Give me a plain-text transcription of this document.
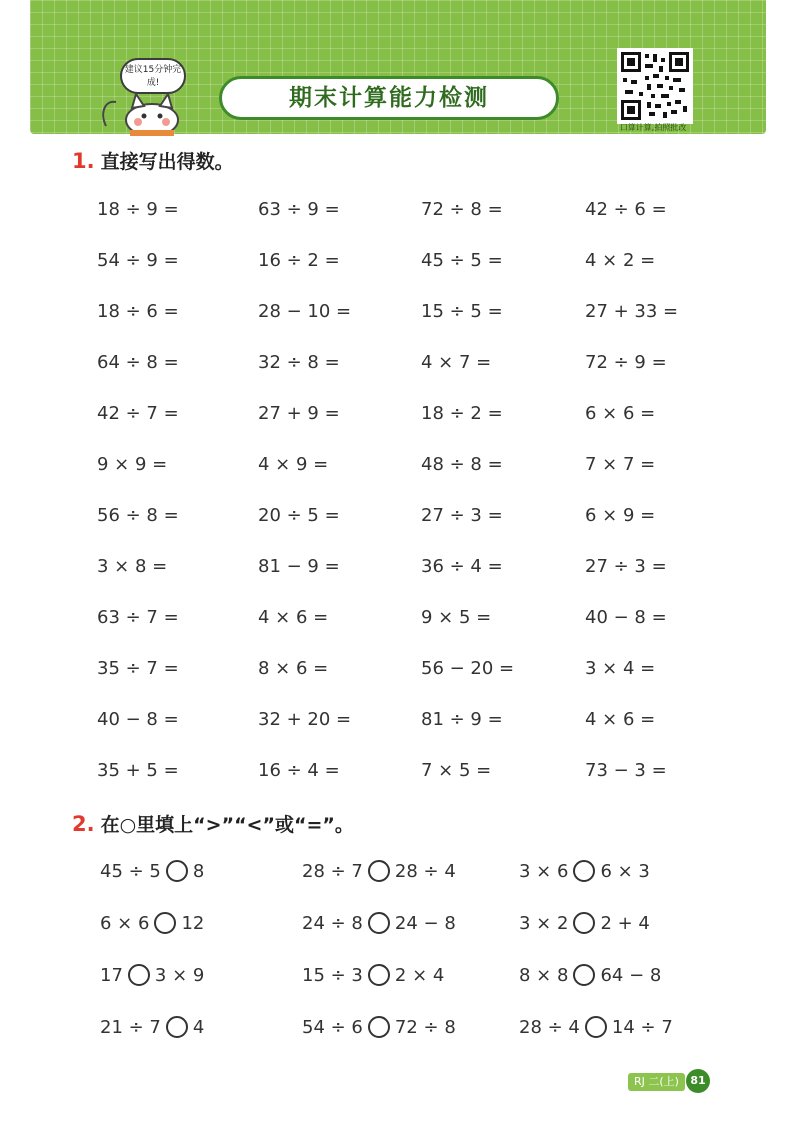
建议15分钟完成!
期末计算能力检测
口算计算,拍照批改
1. 直接写出得数。
18 ÷ 9 =	63 ÷ 9 =	72 ÷ 8 =	42 ÷ 6 =
54 ÷ 9 =	16 ÷ 2 =	45 ÷ 5 =	4 × 2 =
18 ÷ 6 =	28 − 10 =	15 ÷ 5 =	27 + 33 =
64 ÷ 8 =	32 ÷ 8 =	4 × 7 =	72 ÷ 9 =
42 ÷ 7 =	27 + 9 =	18 ÷ 2 =	6 × 6 =
9 × 9 =	4 × 9 =	48 ÷ 8 =	7 × 7 =
56 ÷ 8 =	20 ÷ 5 =	27 ÷ 3 =	6 × 9 =
3 × 8 =	81 − 9 =	36 ÷ 4 =	27 ÷ 3 =
63 ÷ 7 =	4 × 6 =	9 × 5 =	40 − 8 =
35 ÷ 7 =	8 × 6 =	56 − 20 =	3 × 4 =
40 − 8 =	32 + 20 =	81 ÷ 9 =	4 × 6 =
35 + 5 =	16 ÷ 4 =	7 × 5 =	73 − 3 =
2. 在○里填上“>”“<”或“=”。
45 ÷ 5 8	28 ÷ 7 28 ÷ 4	3 × 6 6 × 3
6 × 6 12	24 ÷ 8 24 − 8	3 × 2 2 + 4
17 3 × 9	15 ÷ 3 2 × 4	8 × 8 64 − 8
21 ÷ 7 4	54 ÷ 6 72 ÷ 8	28 ÷ 4 14 ÷ 7
RJ 二(上)	81
